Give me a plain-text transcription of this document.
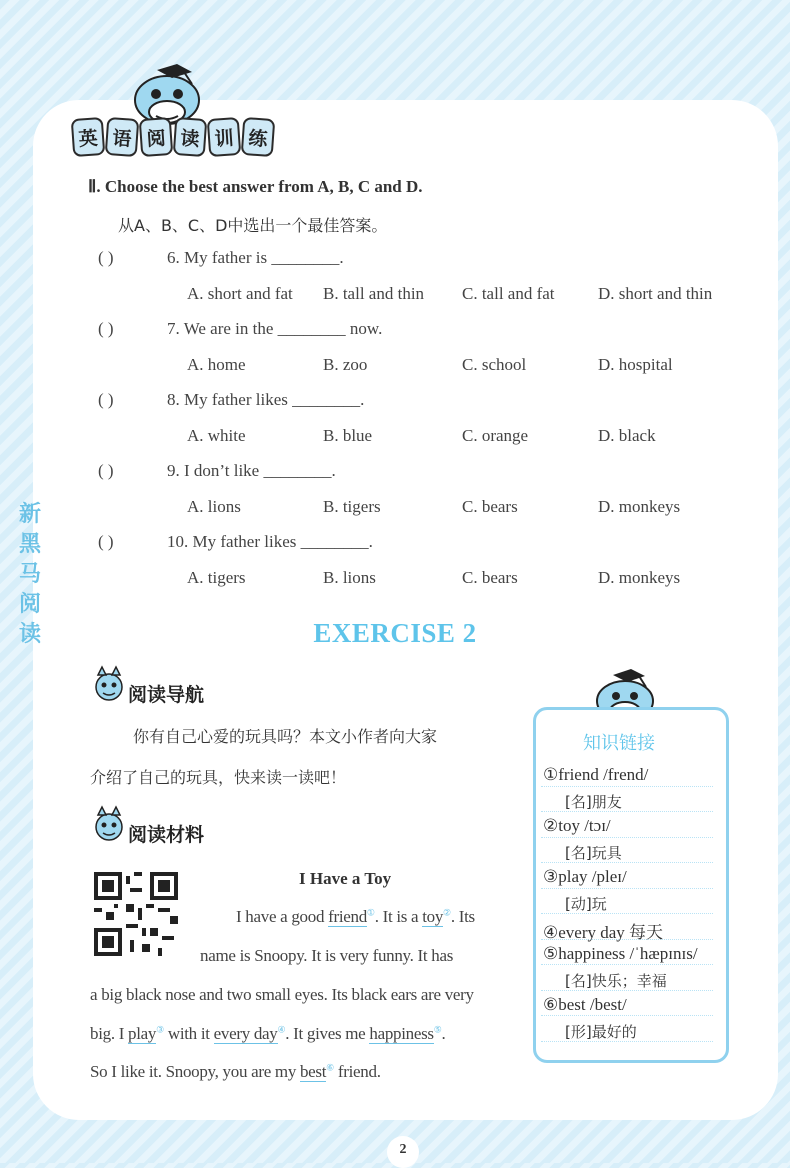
英 语 阅 读 训 练
新
黑
马
阅
读
Ⅱ. Choose the best answer from A, B, C and D.
从A、B、C、D中选出一个最佳答案。
( )	6. My father is ________.
A. short and fat B. tall and thin C. tall and fat	D. short and thin
( )	7. We are in the ________ now.
A. home	B. zoo	C. school	D. hospital
( )	8. My father likes ________.
A. white	B. blue	C. orange	D. black
( )	9. I don’t like ________.
A. lions	B. tigers	C. bears	D. monkeys
( )	10. My father likes ________.
A. tigers	B. lions	C. bears	D. monkeys
EXERCISE 2
阅读导航
你有自己心爱的玩具吗？本文小作者向大家
介绍了自己的玩具，快来读一读吧！
阅读材料
I Have a Toy
I have a good friend①. It is a toy②. Its
name is Snoopy. It is very funny. It has
a big black nose and two small eyes. Its black ears are very
big. I play③ with it every day④. It gives me happiness⑤.
So I like it. Snoopy, you are my best⑥ friend.
知识链接
①friend /frend/
[名]朋友
②toy /tɔɪ/
[名]玩具
③play /pleɪ/
[动]玩
④every day 每天
⑤happiness /ˈhæpɪnɪs/
[名]快乐；幸福
⑥best /best/
[形]最好的
2
